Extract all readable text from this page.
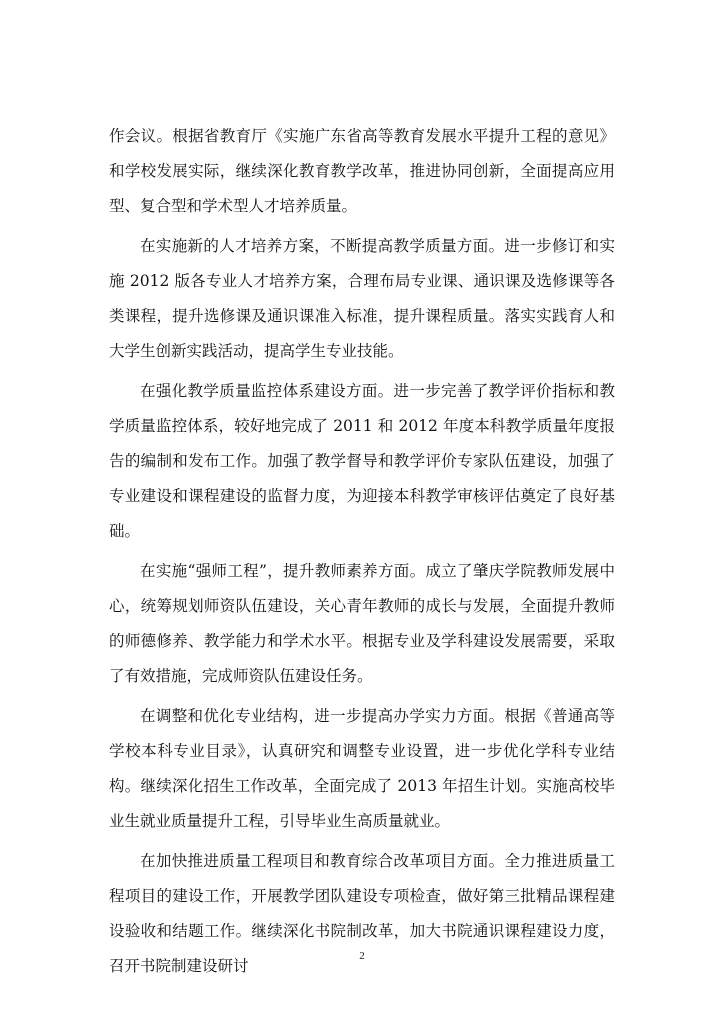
作会议。根据省教育厅《实施广东省高等教育发展水平提升工程的意见》和学校发展实际，继续深化教育教学改革，推进协同创新，全面提高应用型、复合型和学术型人才培养质量。

在实施新的人才培养方案，不断提高教学质量方面。进一步修订和实施 2012 版各专业人才培养方案，合理布局专业课、通识课及选修课等各类课程，提升选修课及通识课准入标准，提升课程质量。落实实践育人和大学生创新实践活动，提高学生专业技能。

在强化教学质量监控体系建设方面。进一步完善了教学评价指标和教学质量监控体系，较好地完成了 2011 和 2012 年度本科教学质量年度报告的编制和发布工作。加强了教学督导和教学评价专家队伍建设，加强了专业建设和课程建设的监督力度，为迎接本科教学审核评估奠定了良好基础。

在实施“强师工程”，提升教师素养方面。成立了肇庆学院教师发展中心，统筹规划师资队伍建设，关心青年教师的成长与发展，全面提升教师的师德修养、教学能力和学术水平。根据专业及学科建设发展需要，采取了有效措施，完成师资队伍建设任务。

在调整和优化专业结构，进一步提高办学实力方面。根据《普通高等学校本科专业目录》，认真研究和调整专业设置，进一步优化学科专业结构。继续深化招生工作改革，全面完成了 2013 年招生计划。实施高校毕业生就业质量提升工程，引导毕业生高质量就业。

在加快推进质量工程项目和教育综合改革项目方面。全力推进质量工程项目的建设工作，开展教学团队建设专项检查，做好第三批精品课程建设验收和结题工作。继续深化书院制改革，加大书院通识课程建设力度，召开书院制建设研讨

2
